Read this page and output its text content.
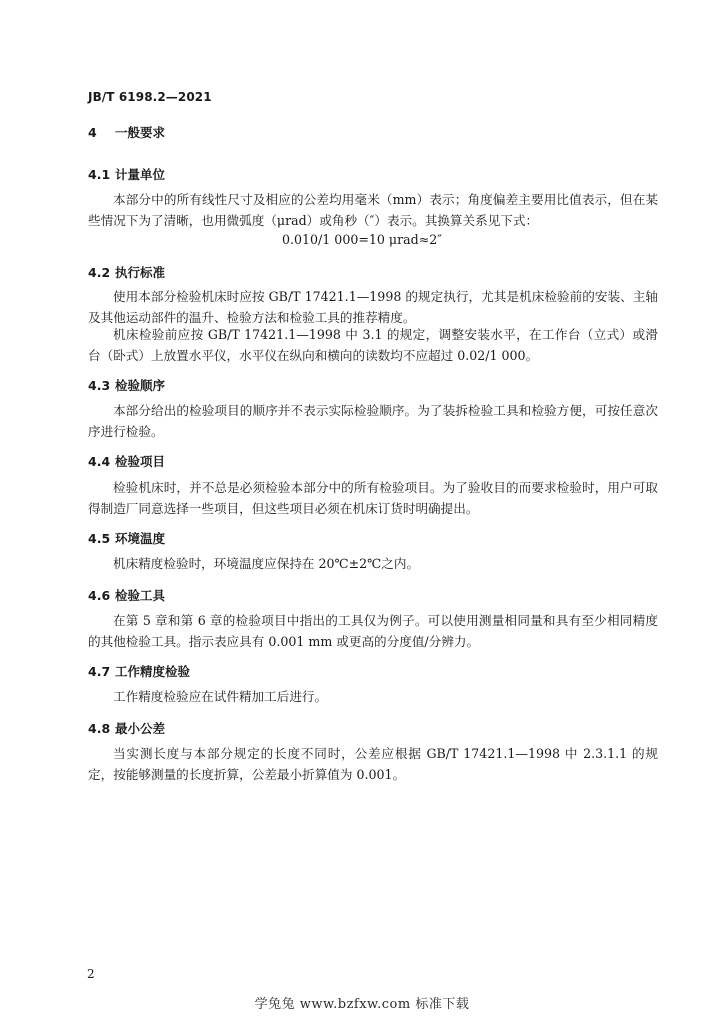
JB/T 6198.2—2021
4 一般要求
4.1 计量单位
本部分中的所有线性尺寸及相应的公差均用毫米（mm）表示；角度偏差主要用比值表示，但在某些情况下为了清晰，也用微弧度（μrad）或角秒（″）表示。其换算关系见下式：
0.010/1 000=10 μrad≈2″
4.2 执行标准
使用本部分检验机床时应按 GB/T 17421.1—1998 的规定执行，尤其是机床检验前的安装、主轴及其他运动部件的温升、检验方法和检验工具的推荐精度。
机床检验前应按 GB/T 17421.1—1998 中 3.1 的规定，调整安装水平，在工作台（立式）或滑台（卧式）上放置水平仪，水平仪在纵向和横向的读数均不应超过 0.02/1 000。
4.3 检验顺序
本部分给出的检验项目的顺序并不表示实际检验顺序。为了装拆检验工具和检验方便，可按任意次序进行检验。
4.4 检验项目
检验机床时，并不总是必须检验本部分中的所有检验项目。为了验收目的而要求检验时，用户可取得制造厂同意选择一些项目，但这些项目必须在机床订货时明确提出。
4.5 环境温度
机床精度检验时，环境温度应保持在 20℃±2℃之内。
4.6 检验工具
在第 5 章和第 6 章的检验项目中指出的工具仅为例子。可以使用测量相同量和具有至少相同精度的其他检验工具。指示表应具有 0.001 mm 或更高的分度值/分辨力。
4.7 工作精度检验
工作精度检验应在试件精加工后进行。
4.8 最小公差
当实测长度与本部分规定的长度不同时，公差应根据 GB/T 17421.1—1998 中 2.3.1.1 的规定，按能够测量的长度折算，公差最小折算值为 0.001。
2
学兔兔 www.bzfxw.com 标准下载
